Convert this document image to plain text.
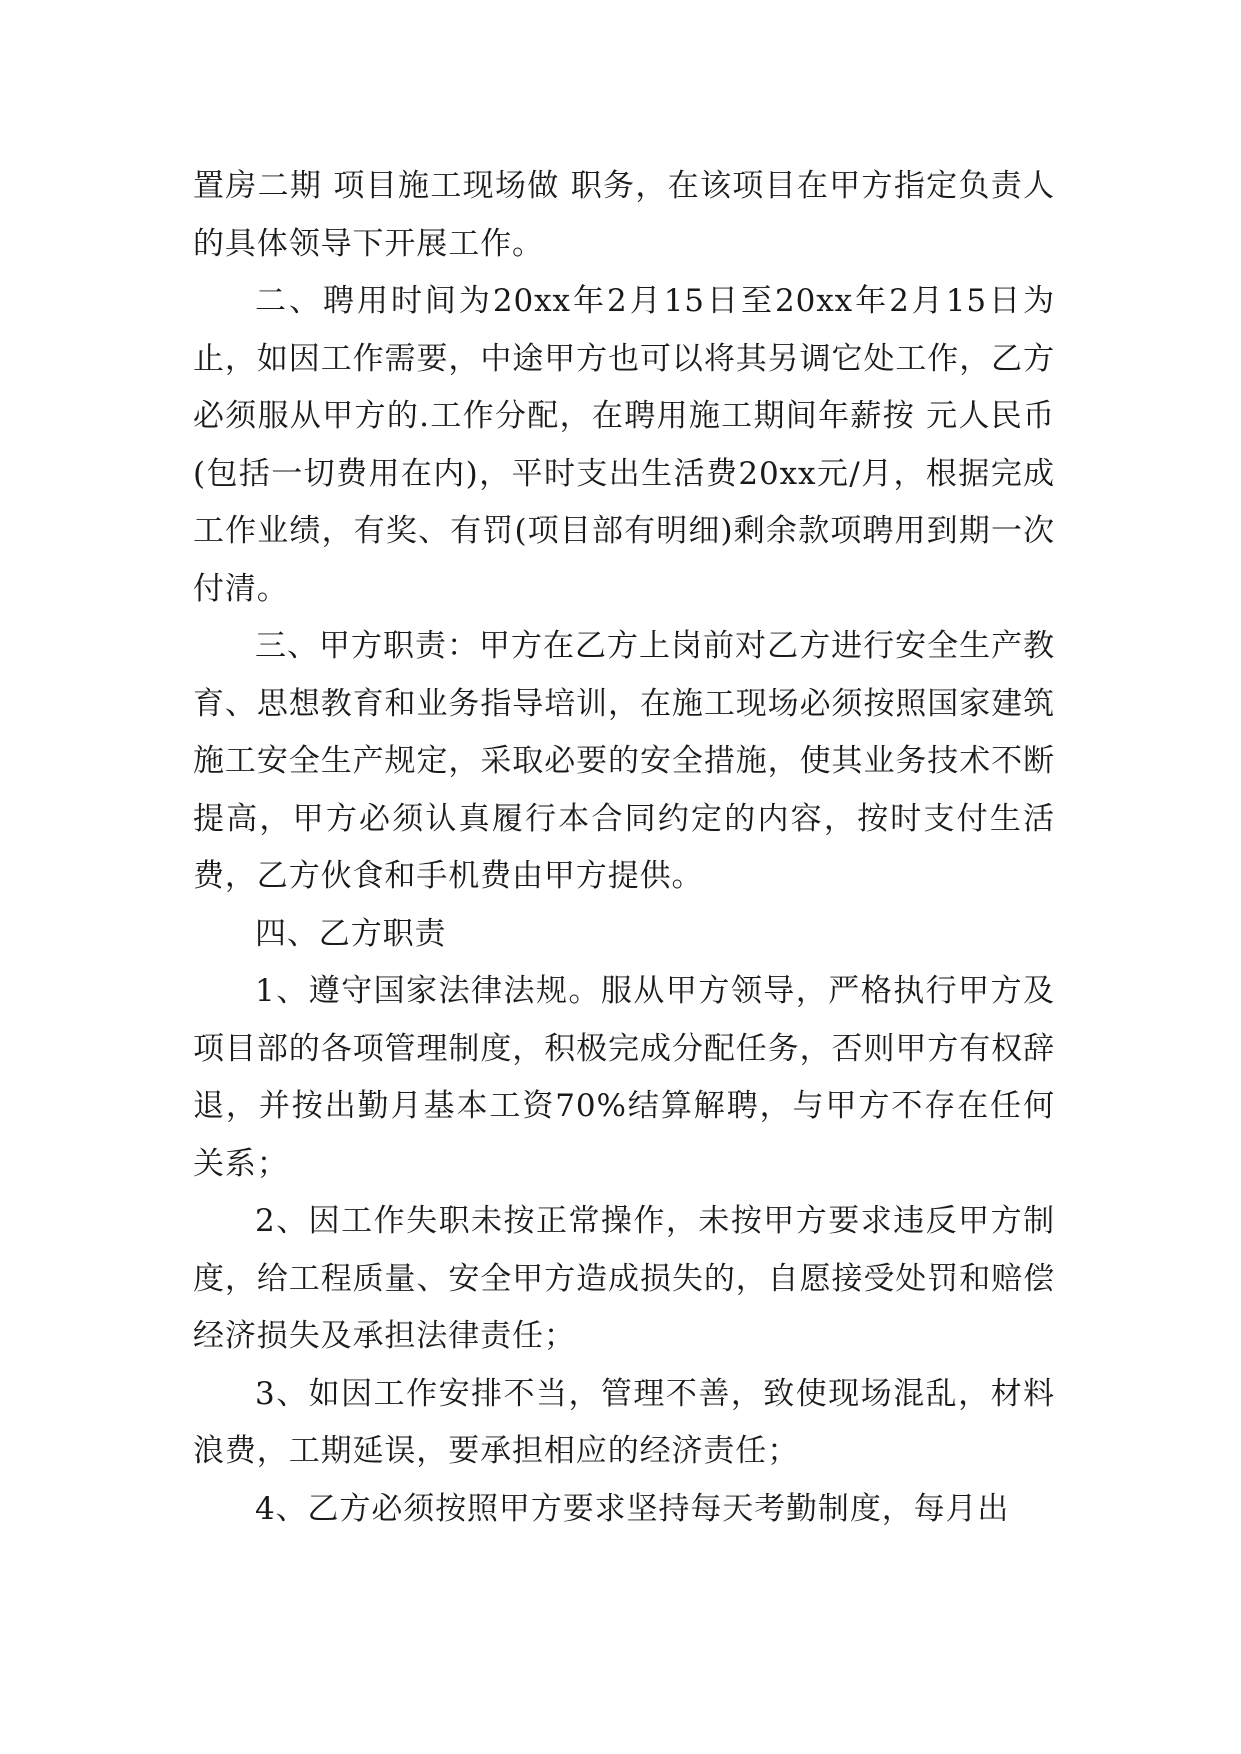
置房二期 项目施工现场做 职务，在该项目在甲方指定负责人的具体领导下开展工作。

二、聘用时间为20xx年2月15日至20xx年2月15日为止，如因工作需要，中途甲方也可以将其另调它处工作，乙方必须服从甲方的.工作分配，在聘用施工期间年薪按 元人民币(包括一切费用在内)，平时支出生活费20xx元/月，根据完成工作业绩，有奖、有罚(项目部有明细)剩余款项聘用到期一次付清。

三、甲方职责：甲方在乙方上岗前对乙方进行安全生产教育、思想教育和业务指导培训，在施工现场必须按照国家建筑施工安全生产规定，采取必要的安全措施，使其业务技术不断提高，甲方必须认真履行本合同约定的内容，按时支付生活费，乙方伙食和手机费由甲方提供。

四、乙方职责

1、遵守国家法律法规。服从甲方领导，严格执行甲方及项目部的各项管理制度，积极完成分配任务，否则甲方有权辞退，并按出勤月基本工资70%结算解聘，与甲方不存在任何关系；

2、因工作失职未按正常操作，未按甲方要求违反甲方制度，给工程质量、安全甲方造成损失的，自愿接受处罚和赔偿经济损失及承担法律责任；

3、如因工作安排不当，管理不善，致使现场混乱，材料浪费，工期延误，要承担相应的经济责任；

4、乙方必须按照甲方要求坚持每天考勤制度，每月出
